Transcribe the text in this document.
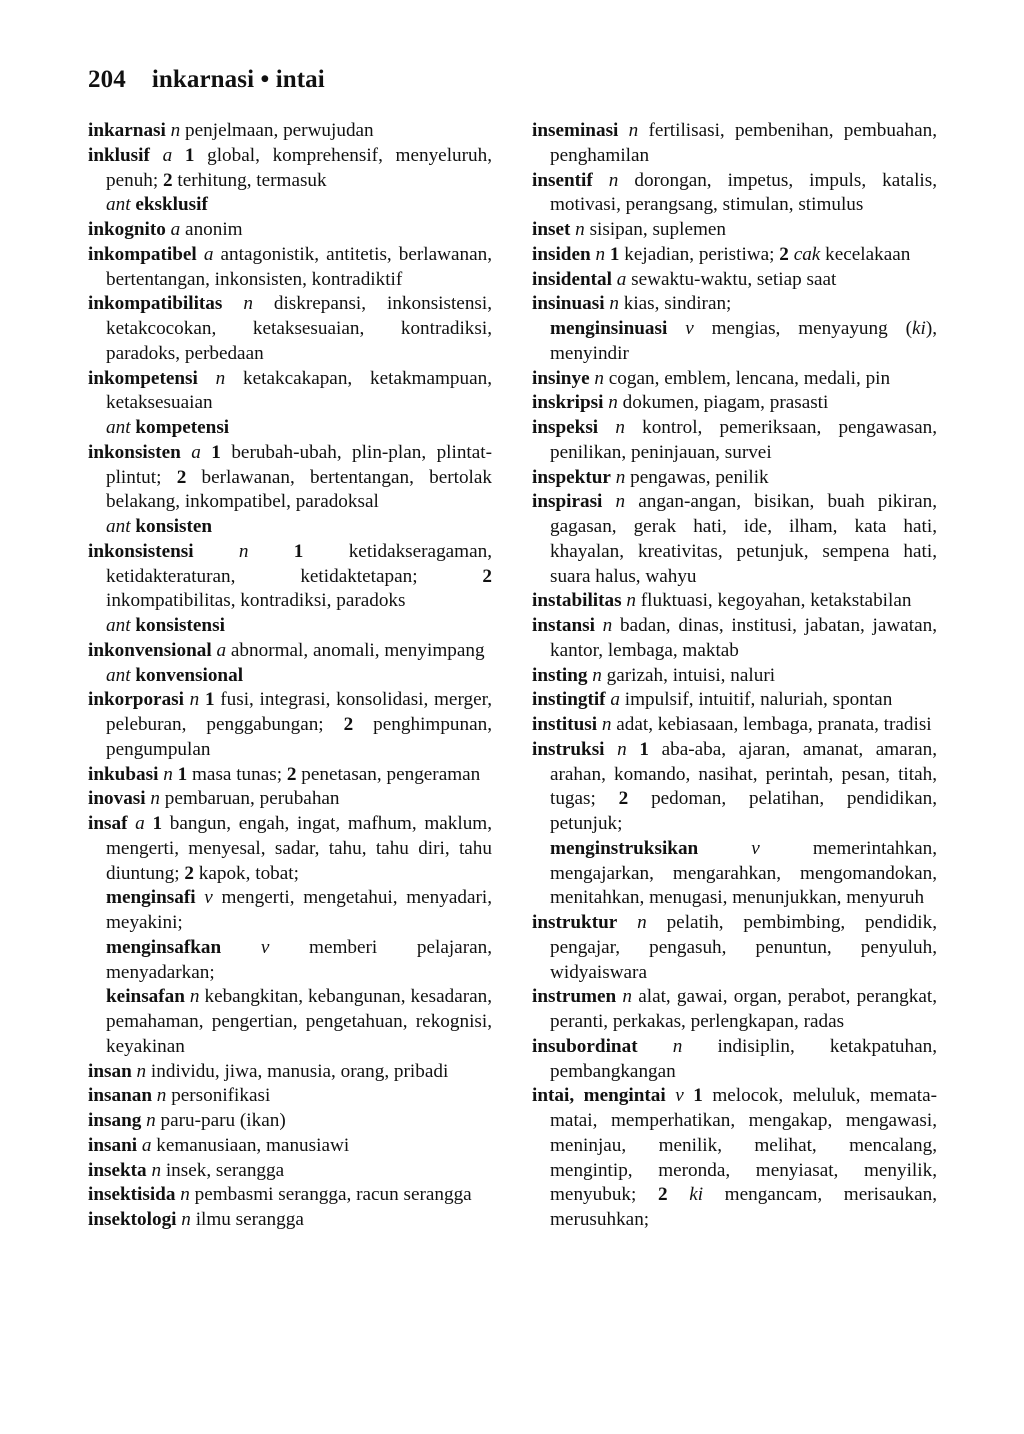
204 inkarnasi • intai
inkarnasi n penjelmaan, perwujudan
inklusif a 1 global, komprehensif, menyeluruh, penuh; 2 terhitung, termasuk
ant eksklusif
inkognito a anonim
inkompatibel a antagonistik, antitetis, berlawanan, bertentangan, inkonsisten, kontradiktif
inkompatibilitas n diskrepansi, inkonsistensi, ketakcocokan, ketaksesuaian, kontradiksi, paradoks, perbedaan
inkompetensi n ketakcakapan, ketakmampuan, ketaksesuaian
ant kompetensi
inkonsisten a 1 berubah-ubah, plin-plan, plintat-plintut; 2 berlawanan, bertentangan, bertolak belakang, inkompatibel, paradoksal
ant konsisten
inkonsistensi n 1 ketidakseragaman, ketidakteraturan, ketidaktetapan;	2 inkompatibilitas, kontradiksi, paradoks
ant konsistensi
inkonvensional a abnormal, anomali, menyimpang
ant konvensional
inkorporasi n 1 fusi, integrasi, konsolidasi, merger, peleburan, penggabungan; 2 penghimpunan, pengumpulan
inkubasi n 1 masa tunas; 2 penetasan, pengeraman
inovasi n pembaruan, perubahan
insaf a 1 bangun, engah, ingat, mafhum, maklum, mengerti, menyesal, sadar, tahu, tahu diri, tahu diuntung; 2 kapok, tobat;
menginsafi v mengerti, mengetahui, menyadari, meyakini;
menginsafkan v memberi pelajaran, menyadarkan;
keinsafan n kebangkitan, kebangunan, kesadaran, pemahaman, pengertian, pengetahuan, rekognisi, keyakinan
insan n individu, jiwa, manusia, orang, pribadi
insanan n personifikasi
insang n paru-paru (ikan)
insani a kemanusiaan, manusiawi
insekta n insek, serangga
insektisida n pembasmi serangga, racun serangga
insektologi n ilmu serangga
inseminasi n fertilisasi, pembenihan, pembuahan, penghamilan
insentif n dorongan, impetus, impuls, katalis, motivasi, perangsang, stimulan, stimulus
inset n sisipan, suplemen
insiden n 1 kejadian, peristiwa; 2 cak kecelakaan
insidental a sewaktu-waktu, setiap saat
insinuasi n kias, sindiran;
menginsinuasi v mengias, menyayung (ki), menyindir
insinye n cogan, emblem, lencana, medali, pin
inskripsi n dokumen, piagam, prasasti
inspeksi n kontrol, pemeriksaan, pengawasan, penilikan, peninjauan, survei
inspektur n pengawas, penilik
inspirasi n angan-angan, bisikan, buah pikiran, gagasan, gerak hati, ide, ilham, kata hati, khayalan, kreativitas, petunjuk, sempena hati, suara halus, wahyu
instabilitas n fluktuasi, kegoyahan, ketakstabilan
instansi n badan, dinas, institusi, jabatan, jawatan, kantor, lembaga, maktab
insting n garizah, intuisi, naluri
instingtif a impulsif, intuitif, naluriah, spontan
institusi n adat, kebiasaan, lembaga, pranata, tradisi
instruksi n 1 aba-aba, ajaran, amanat, amaran, arahan, komando, nasihat, perintah, pesan, titah, tugas; 2 pedoman, pelatihan, pendidikan, petunjuk;
menginstruksikan	v	memerintahkan, mengajarkan, mengarahkan, mengomandokan, menitahkan, menugasi, menunjukkan, menyuruh
instruktur n pelatih, pembimbing, pendidik, pengajar, pengasuh, penuntun, penyuluh, widyaiswara
instrumen n alat, gawai, organ, perabot, perangkat, peranti, perkakas, perlengkapan, radas
insubordinat n indisiplin, ketakpatuhan, pembangkangan
intai, mengintai v 1 melocok, meluluk, memata-matai, memperhatikan, mengakap, mengawasi, meninjau, menilik, melihat, mencalang, mengintip, meronda, menyiasat, menyilik, menyubuk; 2 ki mengancam, merisaukan, merusuhkan;
